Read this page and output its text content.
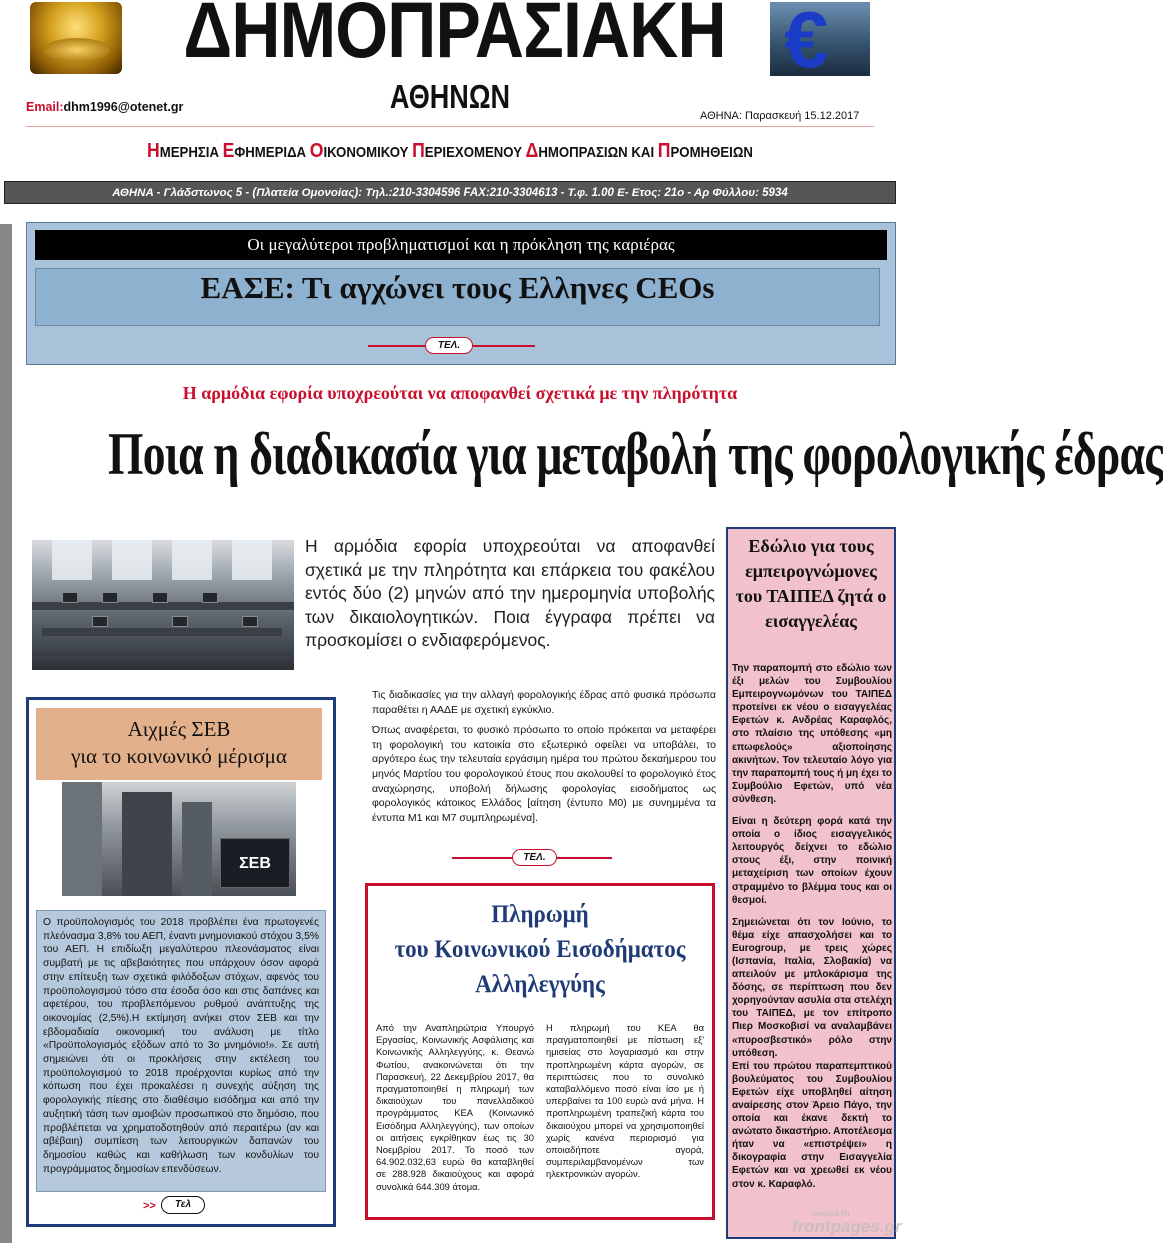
€
ΔΗΜΟΠΡΑΣΙΑΚΗ
ΑΘΗΝΩΝ
Email:dhm1996@otenet.gr
ΑΘΗΝΑ: Παρασκευή 15.12.2017
ΗΜΕΡΗΣΙΑ ΕΦΗΜΕΡΙΔΑ ΟΙΚΟΝΟΜΙΚΟΥ ΠΕΡΙΕΧΟΜΕΝΟΥ ΔΗΜΟΠΡΑΣΙΩΝ ΚΑΙ ΠΡΟΜΗΘΕΙΩΝ
ΑΘΗΝΑ - Γλάδστωνος 5 - (Πλατεία Ομονοίας): Τηλ.:210-3304596 FAX:210-3304613 - Τ.φ. 1.00 Ε- Ετος: 21ο - Αρ Φύλλου: 5934
Οι μεγαλύτεροι προβληματισμοί και η πρόκληση της καριέρας
ΕΑΣΕ: Τι αγχώνει τους Ελληνες CEOs
ΤΕΛ.
Η αρμόδια εφορία υποχρεούται να αποφανθεί σχετικά με την πληρότητα
Ποια η διαδικασία για μεταβολή της φορολογικής έδρας
Η αρμόδια εφορία υποχρεούται να αποφανθεί σχετικά με την πληρότητα και επάρκεια του φακέλου εντός δύο (2) μηνών από την ημερομηνία υποβολής των δικαιολογητικών. Ποια έγγραφα πρέπει να προσκομίσει ο ενδιαφερόμενος.

Τις διαδικασίες για την αλλαγή φορολογικής έδρας από φυσικά πρόσωπα παραθέτει η ΑΑΔΕ με σχετική εγκύκλιο.

Όπως αναφέρεται, το φυσικό πρόσωπο το οποίο πρόκειται να μεταφέρει τη φορολογική του κατοικία στο εξωτερικό οφείλει να υποβάλει, το αργότερο έως την τελευταία εργάσιμη ημέρα του πρώτου δεκαήμερου του μηνός Μαρτίου του φορολογικού έτους που ακολουθεί το φορολογικό έτος αναχώρησης, υποβολή δήλωσης φορολογίας εισοδήματος ως φορολογικός κάτοικος Ελλάδος [αίτηση (έντυπο Μ0) με συνημμένα τα έντυπα Μ1 και Μ7 συμπληρωμένα].

ΤΕΛ.
Αιχμές ΣΕΒ
για το κοινωνικό μέρισμα
ΣΕΒ
Ο προϋπολογισμός του 2018 προβλέπει ένα πρωτογενές πλεόνασμα 3,8% του ΑΕΠ, έναντι μνημονιακού στόχου 3,5% του ΑΕΠ. Η επιδίωξη μεγαλύτερου πλεονάσματος είναι συμβατή με τις αβεβαιότητες που υπάρχουν όσον αφορά στην επίτευξη των σχετικά φιλόδοξων στόχων, αφενός του προϋπολογισμού τόσο στα έσοδα όσο και στις δαπάνες και αφετέρου, του προβλεπόμενου ρυθμού ανάπτυξης της οικονομίας (2,5%).Η εκτίμηση ανήκει στον ΣΕΒ και την εβδομαδιαία οικονομική του ανάλυση με τίτλο «Προϋπολογισμός εξόδων από το 3ο μνημόνιο!». Σε αυτή σημειώνει ότι οι προκλήσεις στην εκτέλεση του προϋπολογισμού το 2018 προέρχονται κυρίως από την κόπωση που έχει προκαλέσει η συνεχής αύξηση της φορολογικής πίεσης στο διαθέσιμο εισόδημα και από την αυξητική τάση των αμοιβών προσωπικού στο δημόσιο, που προβλέπεται να χρηματοδοτηθούν από περαιτέρω (αν και αβέβαιη) συμπίεση των λειτουργικών δαπανών του δημοσίου καθώς και καθήλωση των κονδυλίων του προγράμματος δημοσίων επενδύσεων.
>>	Τελ
Πληρωμή
του Κοινωνικού Εισοδήματος
Αλληλεγγύης
Από την Αναπληρώτρια Υπουργό Εργασίας, Κοινωνικής Ασφάλισης και Κοινωνικής Αλληλεγγύης, κ. Θεανώ Φωτίου, ανακοινώνεται ότι την Παρασκευή, 22 Δεκεμβρίου 2017, θα πραγματοποιηθεί η πληρωμή των δικαιούχων του πανελλαδικού προγράμματος ΚΕΑ (Κοινωνικό Εισόδημα Αλληλεγγύης), των οποίων οι αιτήσεις εγκρίθηκαν έως τις 30 Νοεμβρίου 2017. Το ποσό των 64.902.032,63 ευρώ θα καταβληθεί σε 288.928 δικαιούχους και αφορά συνολικά 644.309 άτομα.
Η πληρωμή του ΚΕΑ θα πραγματοποιηθεί με πίστωση εξ' ημισείας στο λογαριασμό και στην προπληρωμένη κάρτα αγορών, σε περιπτώσεις που το συνολικό καταβαλλόμενο ποσό είναι ίσο με ή υπερβαίνει τα 100 ευρώ ανά μήνα. Η προπληρωμένη τραπεζική κάρτα του δικαιούχου μπορεί να χρησιμοποιηθεί χωρίς κανένα περιορισμό για οποιαδήποτε αγορά, συμπεριλαμβανομένων των ηλεκτρονικών αγορών.
Εδώλιο για τους εμπειρογνώμονες του ΤΑΙΠΕΔ ζητά ο εισαγγελέας

Την παραπομπή στο εδώλιο των έξι μελών του Συμβουλίου Εμπειρογνωμόνων του ΤΑΙΠΕΔ προτείνει εκ νέου ο εισαγγελέας Εφετών κ. Ανδρέας Καραφλός, στο πλαίσιο της υπόθεσης «μη επωφελούς» αξιοποίησης ακινήτων. Τον τελευταίο λόγο για την παραπομπή τους ή μη έχει το Συμβούλιο Εφετών, υπό νέα σύνθεση.

Είναι η δεύτερη φορά κατά την οποία ο ίδιος εισαγγελικός λειτουργός δείχνει το εδώλιο στους έξι, στην ποινική μεταχείριση των οποίων έχουν στραμμένο το βλέμμα τους και οι θεσμοί.

Σημειώνεται ότι τον Ιούνιο, το θέμα είχε απασχολήσει και το Eurogroup, με τρεις χώρες (Ισπανία, Ιταλία, Σλοβακία) να απειλούν με μπλοκάρισμα της δόσης, σε περίπτωση που δεν χορηγούνταν ασυλία στα στελέχη του ΤΑΙΠΕΔ, με τον επίτροπο Πιερ Μοσκοβισί να αναλαμβάνει «πυροσβεστικό» ρόλο στην υπόθεση.

Επί του πρώτου παραπεμπτικού βουλεύματος του Συμβουλίου Εφετών είχε υποβληθεί αίτηση αναίρεσης στον Άρειο Πάγο, την οποία και έκανε δεκτή το ανώτατο δικαστήριο. Αποτέλεσμα ήταν να «επιστρέψει» η δικογραφία στην Εισαγγελία Εφετών και να χρεωθεί εκ νέου στον κ. Καραφλό.

created for
frontpages.gr
